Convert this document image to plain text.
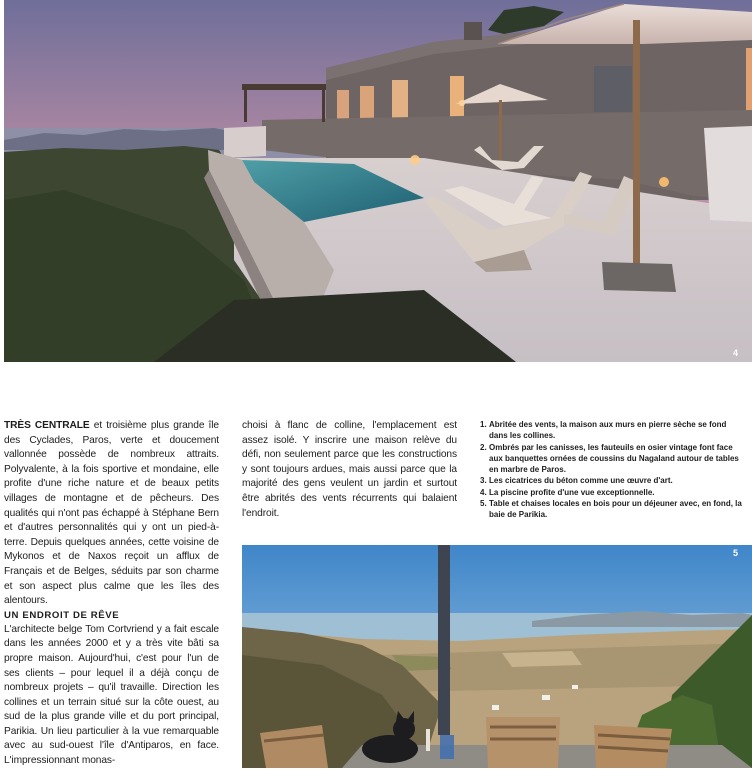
4

TRÈS CENTRALE et troisième plus grande île des Cyclades, Paros, verte et doucement vallonnée possède de nombreux attraits. Polyvalente, à la fois sportive et mondaine, elle profite d'une riche nature et de beaux petits villages de montagne et de pêcheurs. Des qualités qui n'ont pas échappé à Stéphane Bern et d'autres personnalités qui y ont un pied-à-terre. Depuis quelques années, cette voisine de Mykonos et de Naxos reçoit un afflux de Français et de Belges, séduits par son charme et son aspect plus calme que les îles des alentours.

UN ENDROIT DE RÊVE

L'architecte belge Tom Cortvriend y a fait escale dans les années 2000 et y a très vite bâti sa propre maison. Aujourd'hui, c'est pour l'un de ses clients – pour lequel il a déjà conçu de nombreux projets – qu'il travaille. Direction les collines et un terrain situé sur la côte ouest, au sud de la plus grande ville et du port principal, Parikia. Un lieu particulier à la vue remarquable avec au sud-ouest l'île d'Antiparos, en face. L'impressionnant monas-

choisi à flanc de colline, l'emplacement est assez isolé. Y inscrire une maison relève du défi, non seulement parce que les constructions y sont toujours ardues, mais aussi parce que la majorité des gens veulent un jardin et surtout être abrités des vents récurrents qui balaient l'endroit.

1. Abritée des vents, la maison aux murs en pierre sèche se fond dans les collines.
2. Ombrés par les canisses, les fauteuils en osier vintage font face aux banquettes ornées de coussins du Nagaland autour de tables en marbre de Paros.
3. Les cicatrices du béton comme une œuvre d'art.
4. La piscine profite d'une vue exceptionnelle.
5. Table et chaises locales en bois pour un déjeuner avec, en fond, la baie de Parikia.
5
